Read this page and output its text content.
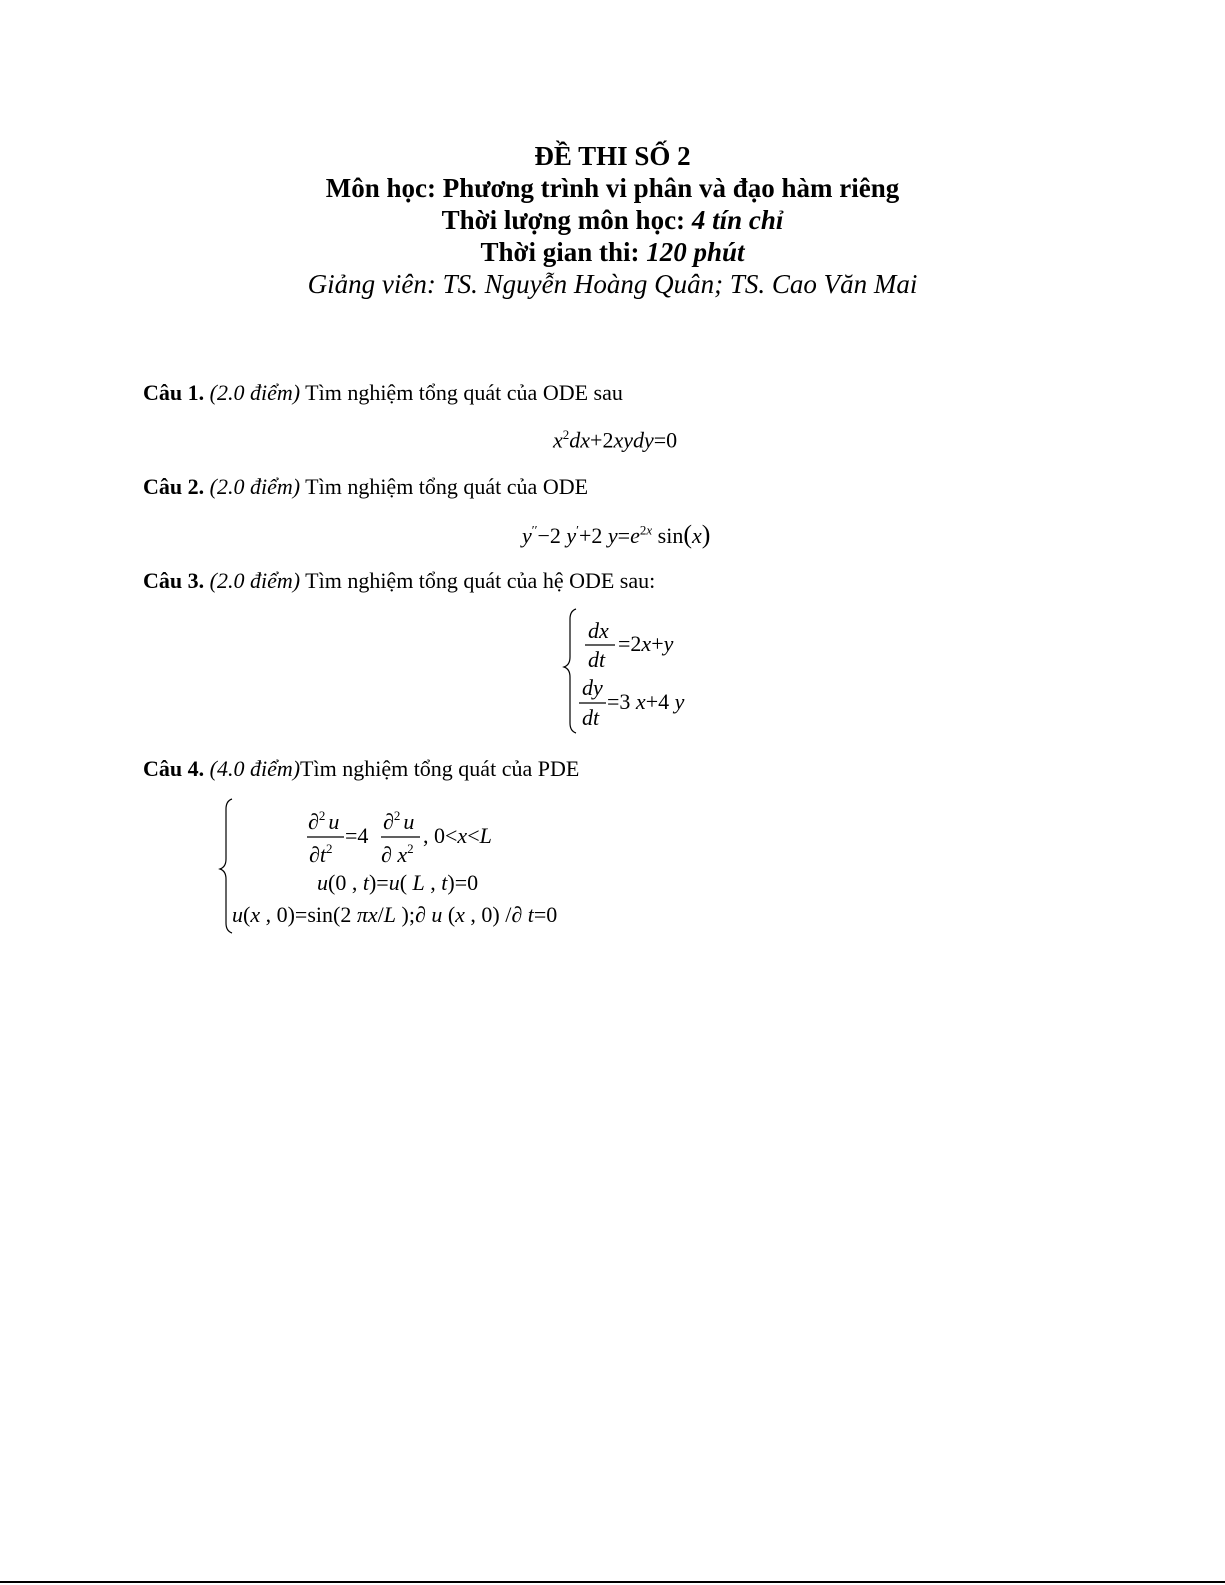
ĐỀ THI SỐ 2
Môn học: Phương trình vi phân và đạo hàm riêng
Thời lượng môn học: 4 tín chỉ
Thời gian thi: 120 phút
Giảng viên: TS. Nguyễn Hoàng Quân; TS. Cao Văn Mai
Câu 1. (2.0 điểm) Tìm nghiệm tổng quát của ODE sau
$x^2dx+2xydy=0$
Câu 2. (2.0 điểm) Tìm nghiệm tổng quát của ODE
y′′−2 y′+2 $y=e^{2x}$ sin(x)
Câu 3. (2.0 điểm) Tìm nghiệm tổng quát của hệ ODE sau:
dx
dt
=2x+y
dy
dt
=3 x+4 y
Câu 4. (4.0 điểm)Tìm nghiệm tổng quát của PDE
∂$^2$ u
$\partial t^2$
=4
∂$^2$ u
∂ $x^2$
, 0<x<L
u(0 , t)=u( L , t)=0
u(x , 0)=sin(2 πx/L );∂ u (x , 0) /∂ t=0
